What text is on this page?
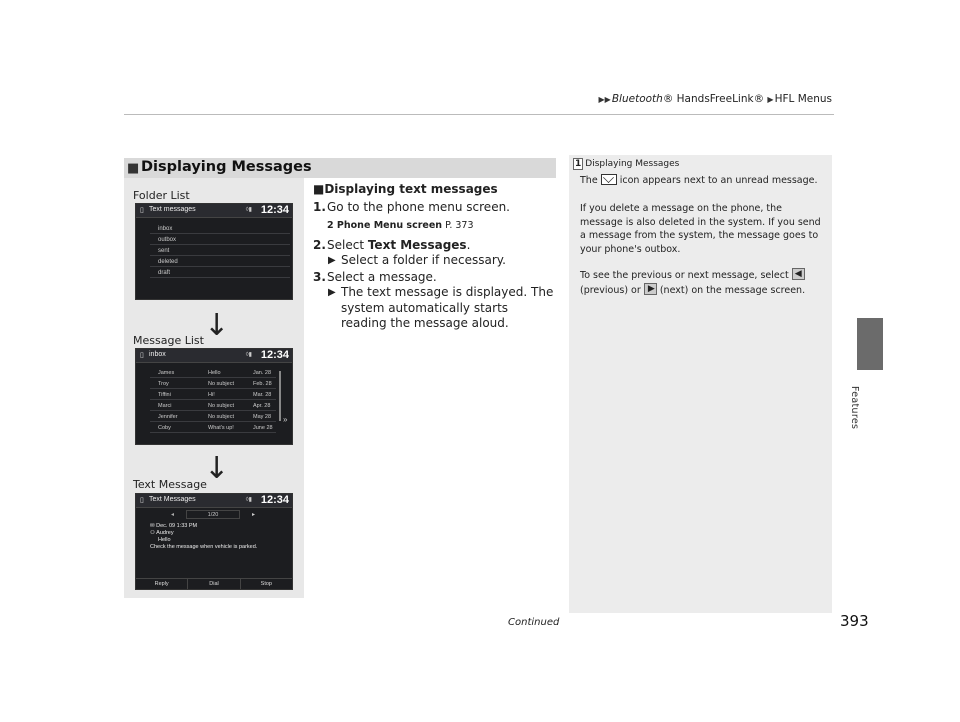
▶▶Bluetooth® HandsFreeLink® ▶HFL Menus
Features
■ Displaying Messages
Folder List
▯ Text messages	◊▮ 12:34
inbox
outbox
sent
deleted
draft
↓
Message List
▯ inbox	◊▮ 12:34
James	Hello	Jan. 28
Troy	No subject	Feb. 28
Tiffini	Hi!	Mar. 28
Marci	No subject	Apr. 28
Jennifer	No subject	May 28
Coby	What's up!	June 28
»
↓
Text Message
▯ Text Messages	◊▮ 12:34
◂	1/20	▸
✉ Dec. 09 1:33 PM
⚇ Audrey
Hello
Check the message when vehicle is parked.
Reply	Dial	Stop
■Displaying text messages
1. Go to the phone menu screen.
2 Phone Menu screen P. 373
2. Select Text Messages.
▶ Select a folder if necessary.
3. Select a message.
▶ The text message is displayed. The system automatically starts reading the message aloud.
1 Displaying Messages

The icon appears next to an unread message.

If you delete a message on the phone, the message is also deleted in the system. If you send a message from the system, the message goes to your phone's outbox.

To see the previous or next message, select ◀

(previous) or ▶ (next) on the message screen.

Continued	393
